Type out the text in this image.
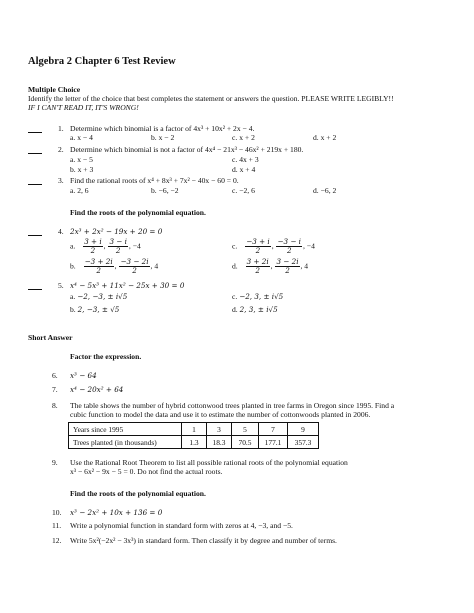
Algebra 2 Chapter 6 Test Review
Multiple Choice
Identify the letter of the choice that best completes the statement or answers the question. PLEASE WRITE LEGIBLY!!
IF I CAN'T READ IT, IT'S WRONG!
1. Determine which binomial is a factor of 4x³ + 10x² + 2x − 4.
a. x − 4	b. x − 2	c. x + 2	d. x + 2
2. Determine which binomial is not a factor of 4x⁴ − 21x³ − 46x² + 219x + 180.
a. x − 5	c. 4x + 3
b. x + 3	d. x + 4
3. Find the rational roots of x⁴ + 8x³ + 7x² − 40x − 60 = 0.
a. 2, 6	b. −6, −2	c. −2, 6	d. −6, 2
Find the roots of the polynomial equation.
4. 2x³ + 2x² − 19x + 20 = 0
a. $\frac{3 + i}{2}$ , $\frac{3 - i}{2}$ , −4	c. $\frac{-3 + i}{2}$ , $\frac{-3 - i}{2}$ , −4
b. $\frac{-3 + 2i}{2}$ , $\frac{-3 - 2i}{2}$ , 4	d. $\frac{3 + 2i}{2}$ , $\frac{3 - 2i}{2}$ , 4
5. x⁴ − 5x³ + 11x² − 25x + 30 = 0
a. −2, −3, ± i√5	c. −2, 3, ± i√5
b. 2, −3, ± √5	d. 2, 3, ± i√5
Short Answer
Factor the expression.
6. x³ − 64
7. x⁴ − 20x² + 64
8. The table shows the number of hybrid cottonwood trees planted in tree farms in Oregon since 1995. Find a
cubic function to model the data and use it to estimate the number of cottonwoods planted in 2006.
Years since 1995	1	3	5	7	9
Trees planted (in thousands)	1.3	18.3	70.5	177.1	357.3
9. Use the Rational Root Theorem to list all possible rational roots of the polynomial equation
x³ − 6x² − 9x − 5 = 0. Do not find the actual roots.
Find the roots of the polynomial equation.
10. x³ − 2x² + 10x + 136 = 0
11. Write a polynomial function in standard form with zeros at 4, −3, and −5.
12. Write 5x²(−2x² − 3x³) in standard form. Then classify it by degree and number of terms.
